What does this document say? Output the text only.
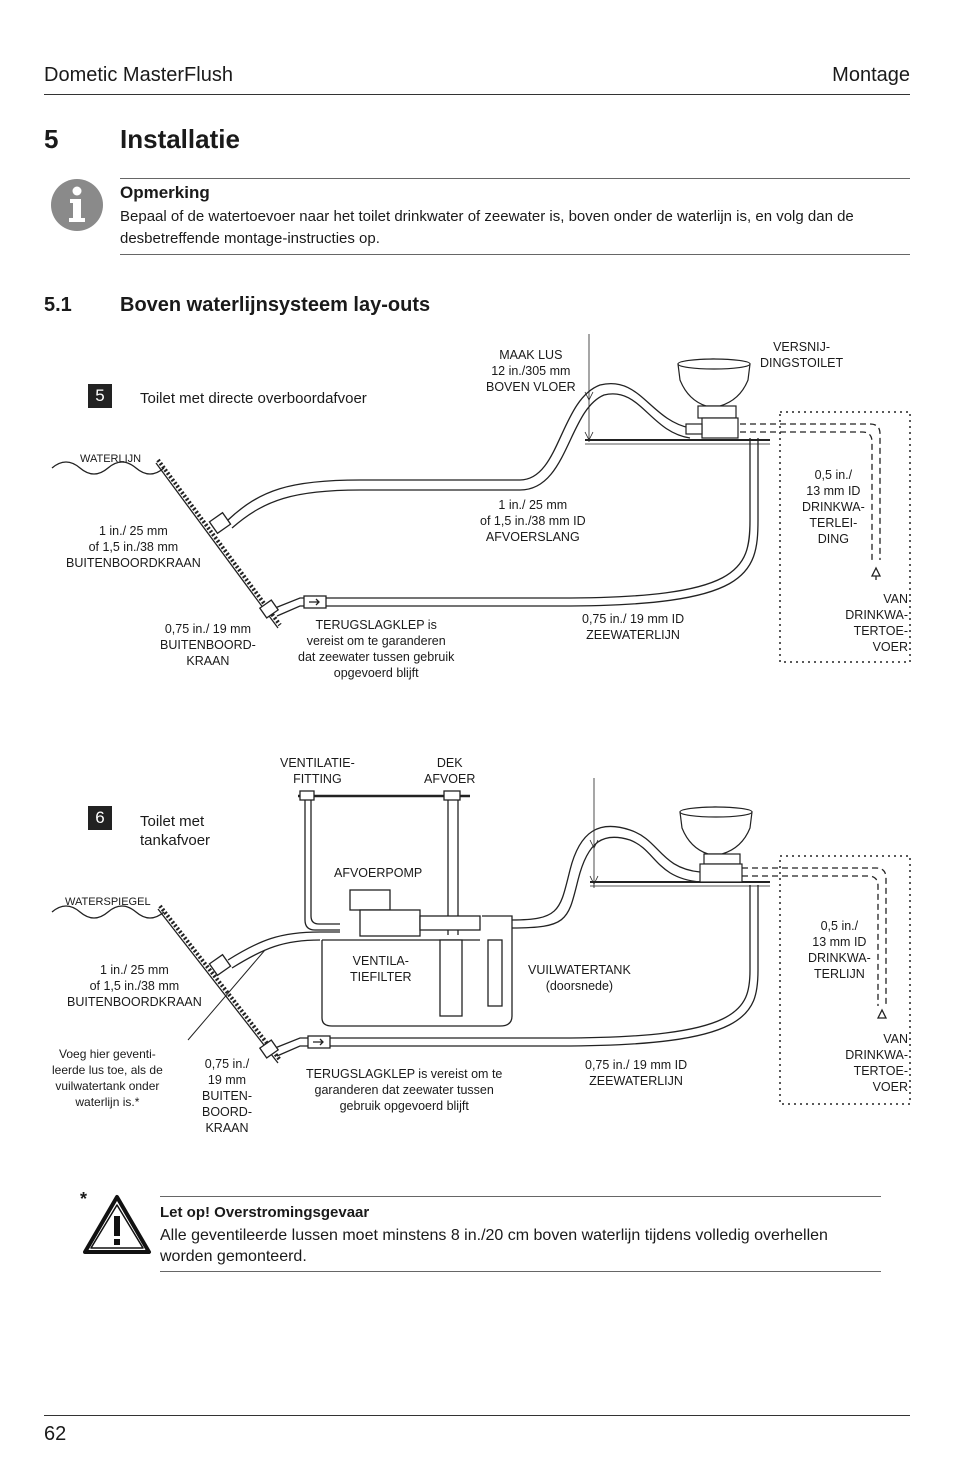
Dometic MasterFlush	Montage
5 Installatie
Opmerking
Bepaal of de watertoevoer naar het toilet drinkwater of zeewater is, boven onder de waterlijn is, en volg dan de desbetreffende montage-instructies op.
5.1 Boven waterlijnsysteem lay-outs
5	Toilet met directe overboordafvoer
WATERLIJN
MAAK LUS
12 in./305 mm
BOVEN VLOER
VERSNIJ-
DINGSTOILET
1 in./ 25 mm
of 1,5 in./38 mm
BUITENBOORDKRAAN
1 in./ 25 mm
of 1,5 in./38 mm ID
AFVOERSLANG
0,5 in./
13 mm ID
DRINKWA-
TERLEI-
DING
0,75 in./ 19 mm
BUITENBOORD-
KRAAN
TERUGSLAGKLEP is
vereist om te garanderen
dat zeewater tussen gebruik
opgevoerd blijft
0,75 in./ 19 mm ID
ZEEWATERLIJN
VAN
DRINKWA-
TERTOE-
VOER
VENTILATIE-
FITTING
DEK
AFVOER
6	Toilet met
tankafvoer
AFVOERPOMP
WATERSPIEGEL
1 in./ 25 mm
of 1,5 in./38 mm
BUITENBOORDKRAAN
VENTILA-
TIEFILTER	VUILWATERTANK
(doorsnede)
0,5 in./
13 mm ID
DRINKWA-
TERLIJN
Voeg hier geventi-
leerde lus toe, als de
vuilwatertank onder
waterlijn is.*
0,75 in./
19 mm
BUITEN-
BOORD-
KRAAN
TERUGSLAGKLEP is vereist om te
garanderen dat zeewater tussen
gebruik opgevoerd blijft
0,75 in./ 19 mm ID
ZEEWATERLIJN
VAN
DRINKWA-
TERTOE-
VOER
*
Let op! Overstromingsgevaar
Alle geventileerde lussen moet minstens 8 in./20 cm boven waterlijn tijdens volledig overhellen worden gemonteerd.
62
